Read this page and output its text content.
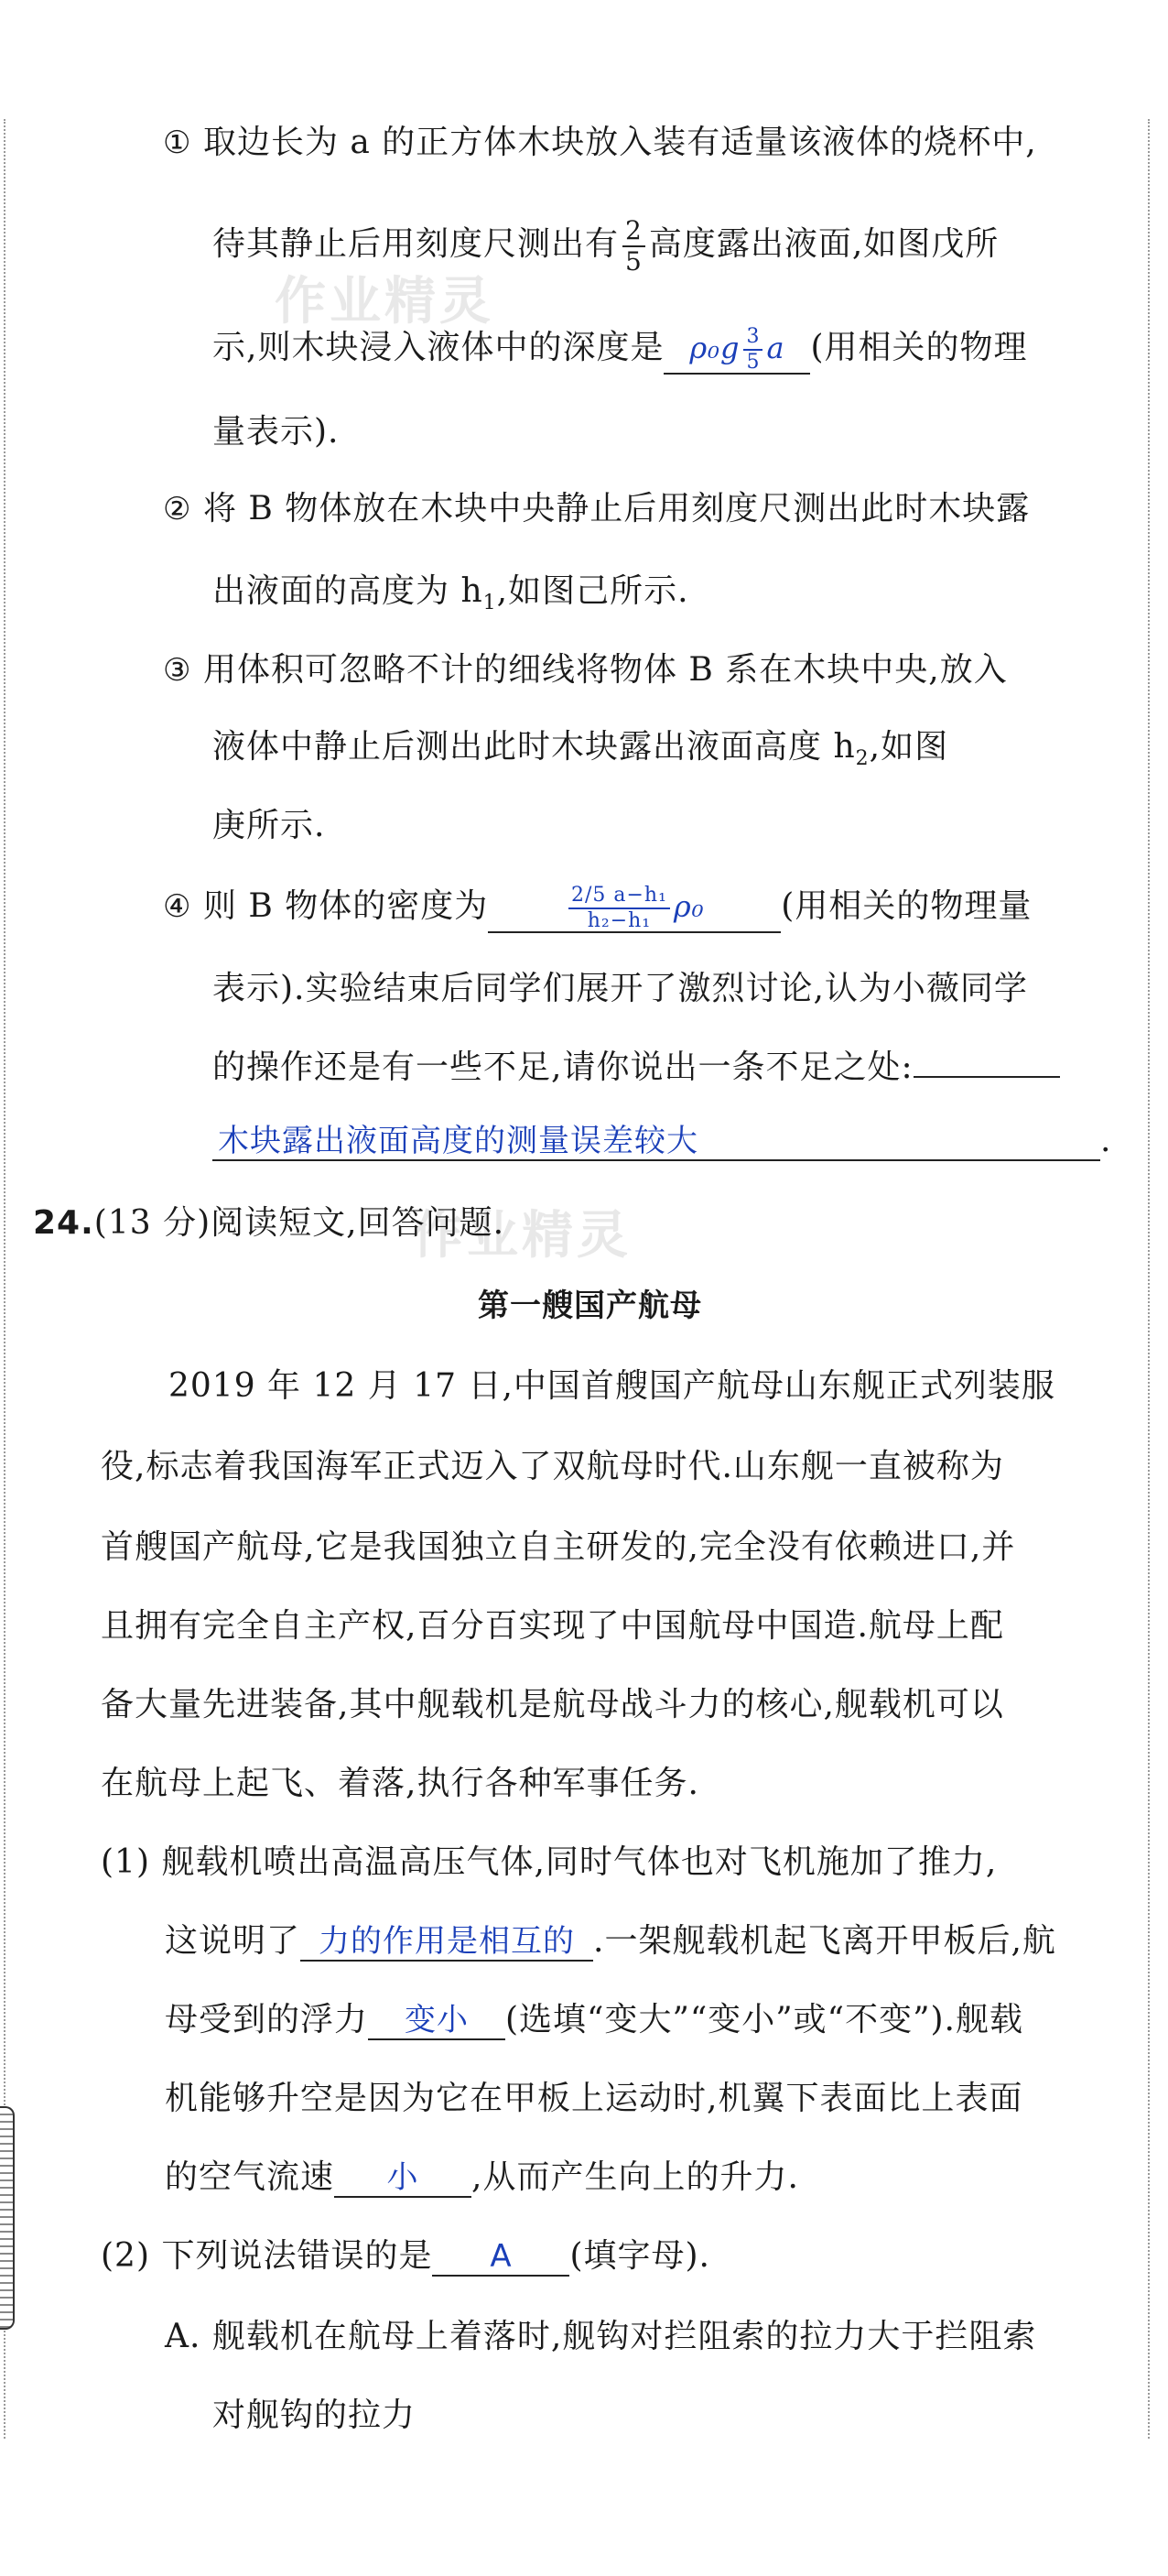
作业精灵
作业精灵
① 取边长为 a 的正方体木块放入装有适量该液体的烧杯中,
待其静止后用刻度尺测出有 $\frac{2}{5}$ 高度露出液面,如图戊所
示,则木块浸入液体中的深度是 $\rho_0g \frac{3}{5}$ a (用相关的物理
量表示).
② 将 B 物体放在木块中央静止后用刻度尺测出此时木块露
出液面的高度为 $h_1$,如图己所示.
③ 用体积可忽略不计的细线将物体 B 系在木块中央,放入
液体中静止后测出此时木块露出液面高度 $h_2$,如图
庚所示.
④ 则 B 物体的密度为	$\frac{\text{2/5 a−h₁}}{\text{h₂−h₁}} \rho_0$ (用相关的物理量
表示).实验结束后同学们展开了激烈讨论,认为小薇同学
的操作还是有一些不足,请你说出一条不足之处:
木块露出液面高度的测量误差较大	.
24.(13 分)阅读短文,回答问题.
第一艘国产航母
2019 年 12 月 17 日,中国首艘国产航母山东舰正式列装服
役,标志着我国海军正式迈入了双航母时代.山东舰一直被称为
首艘国产航母,它是我国独立自主研发的,完全没有依赖进口,并
且拥有完全自主产权,百分百实现了中国航母中国造.航母上配
备大量先进装备,其中舰载机是航母战斗力的核心,舰载机可以
在航母上起飞、着落,执行各种军事任务.
(1) 舰载机喷出高温高压气体,同时气体也对飞机施加了推力,
这说明了 力的作用是相互的 .一架舰载机起飞离开甲板后,航
母受到的浮力 变小 (选填“变大”“变小”或“不变”).舰载
机能够升空是因为它在甲板上运动时,机翼下表面比上表面
的空气流速 小 ,从而产生向上的升力.
(2) 下列说法错误的是 A (填字母).
A. 舰载机在航母上着落时,舰钩对拦阻索的拉力大于拦阻索
对舰钩的拉力
